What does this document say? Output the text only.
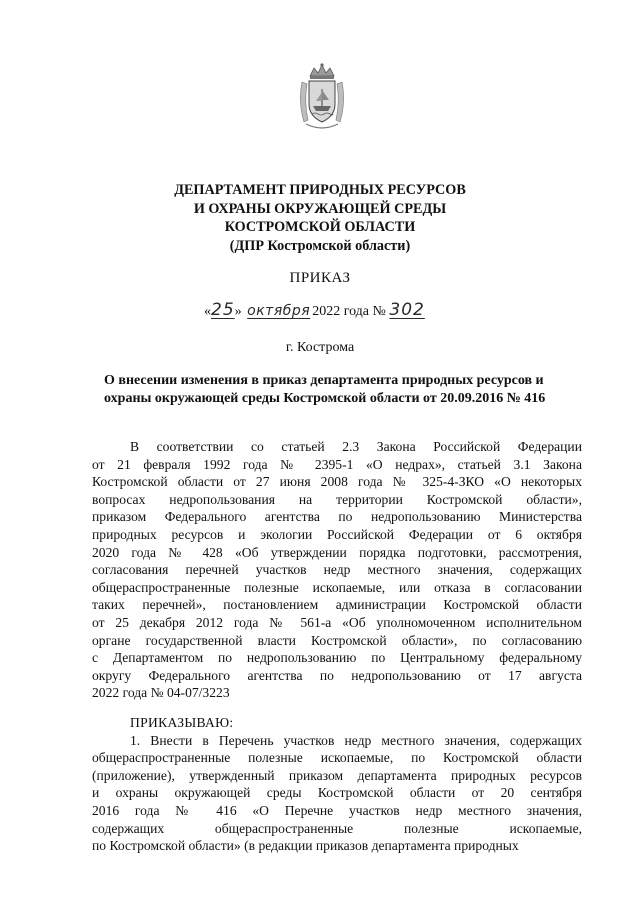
ДЕПАРТАМЕНТ ПРИРОДНЫХ РЕСУРСОВ
И ОХРАНЫ ОКРУЖАЮЩЕЙ СРЕДЫ
КОСТРОМСКОЙ ОБЛАСТИ
(ДПР Костромской области)
ПРИКАЗ
«25» октября 2022 года № 302
г. Кострома
О внесении изменения в приказ департамента природных ресурсов и
охраны окружающей среды Костромской области от 20.09.2016 № 416
В соответствии со статьей 2.3 Закона Российской Федерации
от 21 февраля 1992 года № 2395-1 «О недрах», статьей 3.1 Закона
Костромской области от 27 июня 2008 года № 325-4-ЗКО «О некоторых
вопросах недропользования на территории Костромской области»,
приказом Федерального агентства по недропользованию Министерства
природных ресурсов и экологии Российской Федерации от 6 октября
2020 года № 428 «Об утверждении порядка подготовки, рассмотрения,
согласования перечней участков недр местного значения, содержащих
общераспространенные полезные ископаемые, или отказа в согласовании
таких перечней», постановлением администрации Костромской области
от 25 декабря 2012 года № 561-а «Об уполномоченном исполнительном
органе государственной власти Костромской области», по согласованию
с Департаментом по недропользованию по Центральному федеральному
округу Федерального агентства по недропользованию от 17 августа
2022 года № 04-07/3223
ПРИКАЗЫВАЮ:
1. Внести в Перечень участков недр местного значения, содержащих
общераспространенные полезные ископаемые, по Костромской области
(приложение), утвержденный приказом департамента природных ресурсов
и охраны окружающей среды Костромской области от 20 сентября
2016 года № 416 «О Перечне участков недр местного значения,
содержащих общераспространенные полезные ископаемые,
по Костромской области» (в редакции приказов департамента природных
